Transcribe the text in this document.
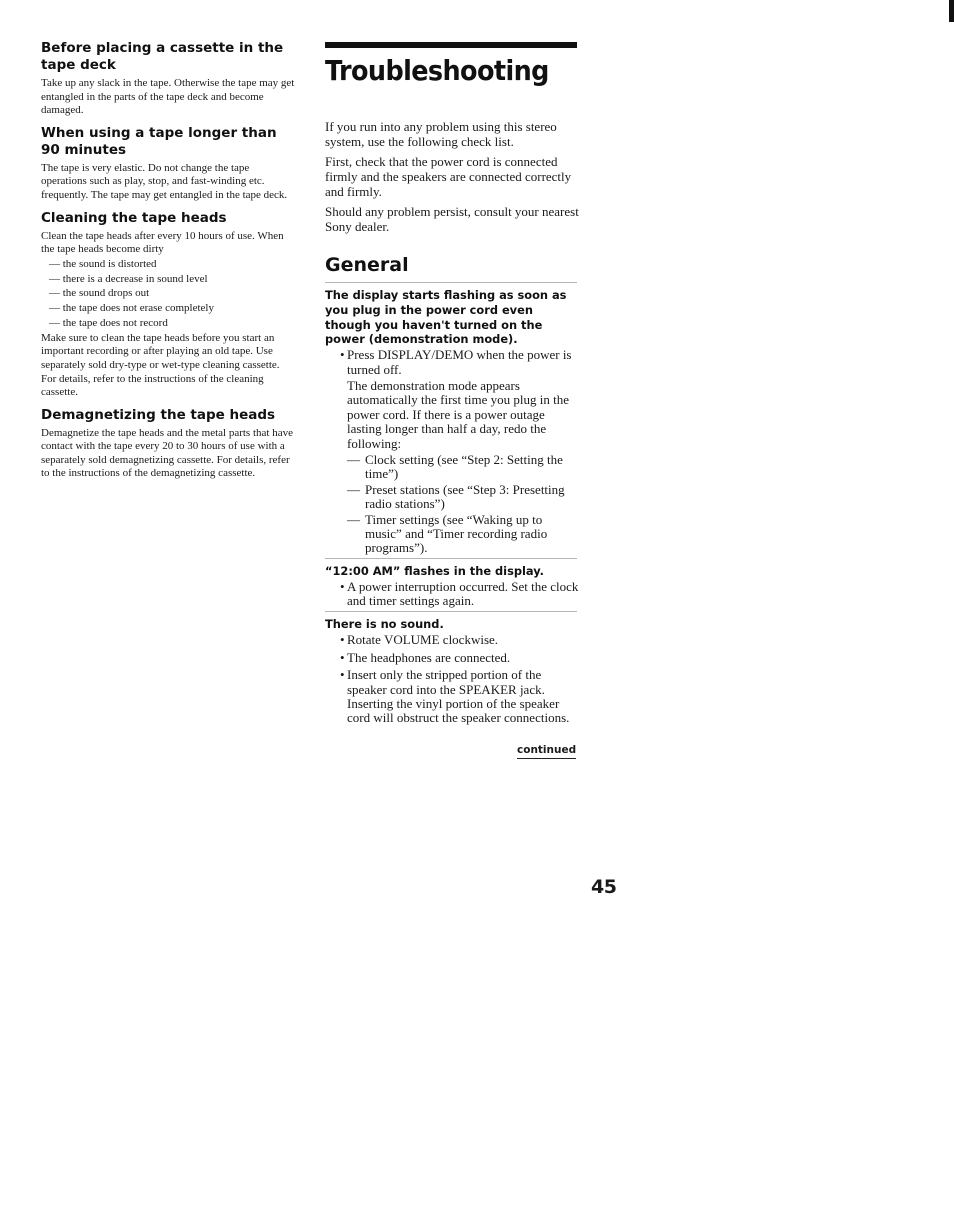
Before placing a cassette in the tape deck

Take up any slack in the tape. Otherwise the tape may get entangled in the parts of the tape deck and become damaged.

When using a tape longer than 90 minutes

The tape is very elastic. Do not change the tape operations such as play, stop, and fast-winding etc. frequently. The tape may get entangled in the tape deck.

Cleaning the tape heads

Clean the tape heads after every 10 hours of use. When the tape heads become dirty

— the sound is distorted
— there is a decrease in sound level
— the sound drops out
— the tape does not erase completely
— the tape does not record

Make sure to clean the tape heads before you start an important recording or after playing an old tape. Use separately sold dry-type or wet-type cleaning cassette. For details, refer to the instructions of the cleaning cassette.

Demagnetizing the tape heads

Demagnetize the tape heads and the metal parts that have contact with the tape every 20 to 30 hours of use with a separately sold demagnetizing cassette. For details, refer to the instructions of the demagnetizing cassette.

Troubleshooting

If you run into any problem using this stereo system, use the following check list.

First, check that the power cord is connected firmly and the speakers are connected correctly and firmly.

Should any problem persist, consult your nearest Sony dealer.

General
The display starts flashing as soon as you plug in the power cord even though you haven't turned on the power (demonstration mode).
• Press DISPLAY/DEMO when the power is turned off.
The demonstration mode appears automatically the first time you plug in the power cord. If there is a power outage lasting longer than half a day, redo the following:
— Clock setting (see “Step 2: Setting the time”)
— Preset stations (see “Step 3: Presetting radio stations”)
— Timer settings (see “Waking up to music” and “Timer recording radio programs”).
“12:00 AM” flashes in the display.
• A power interruption occurred. Set the clock and timer settings again.
There is no sound.
• Rotate VOLUME clockwise.
• The headphones are connected.
• Insert only the stripped portion of the speaker cord into the SPEAKER jack. Inserting the vinyl portion of the speaker cord will obstruct the speaker connections.
continued
45
